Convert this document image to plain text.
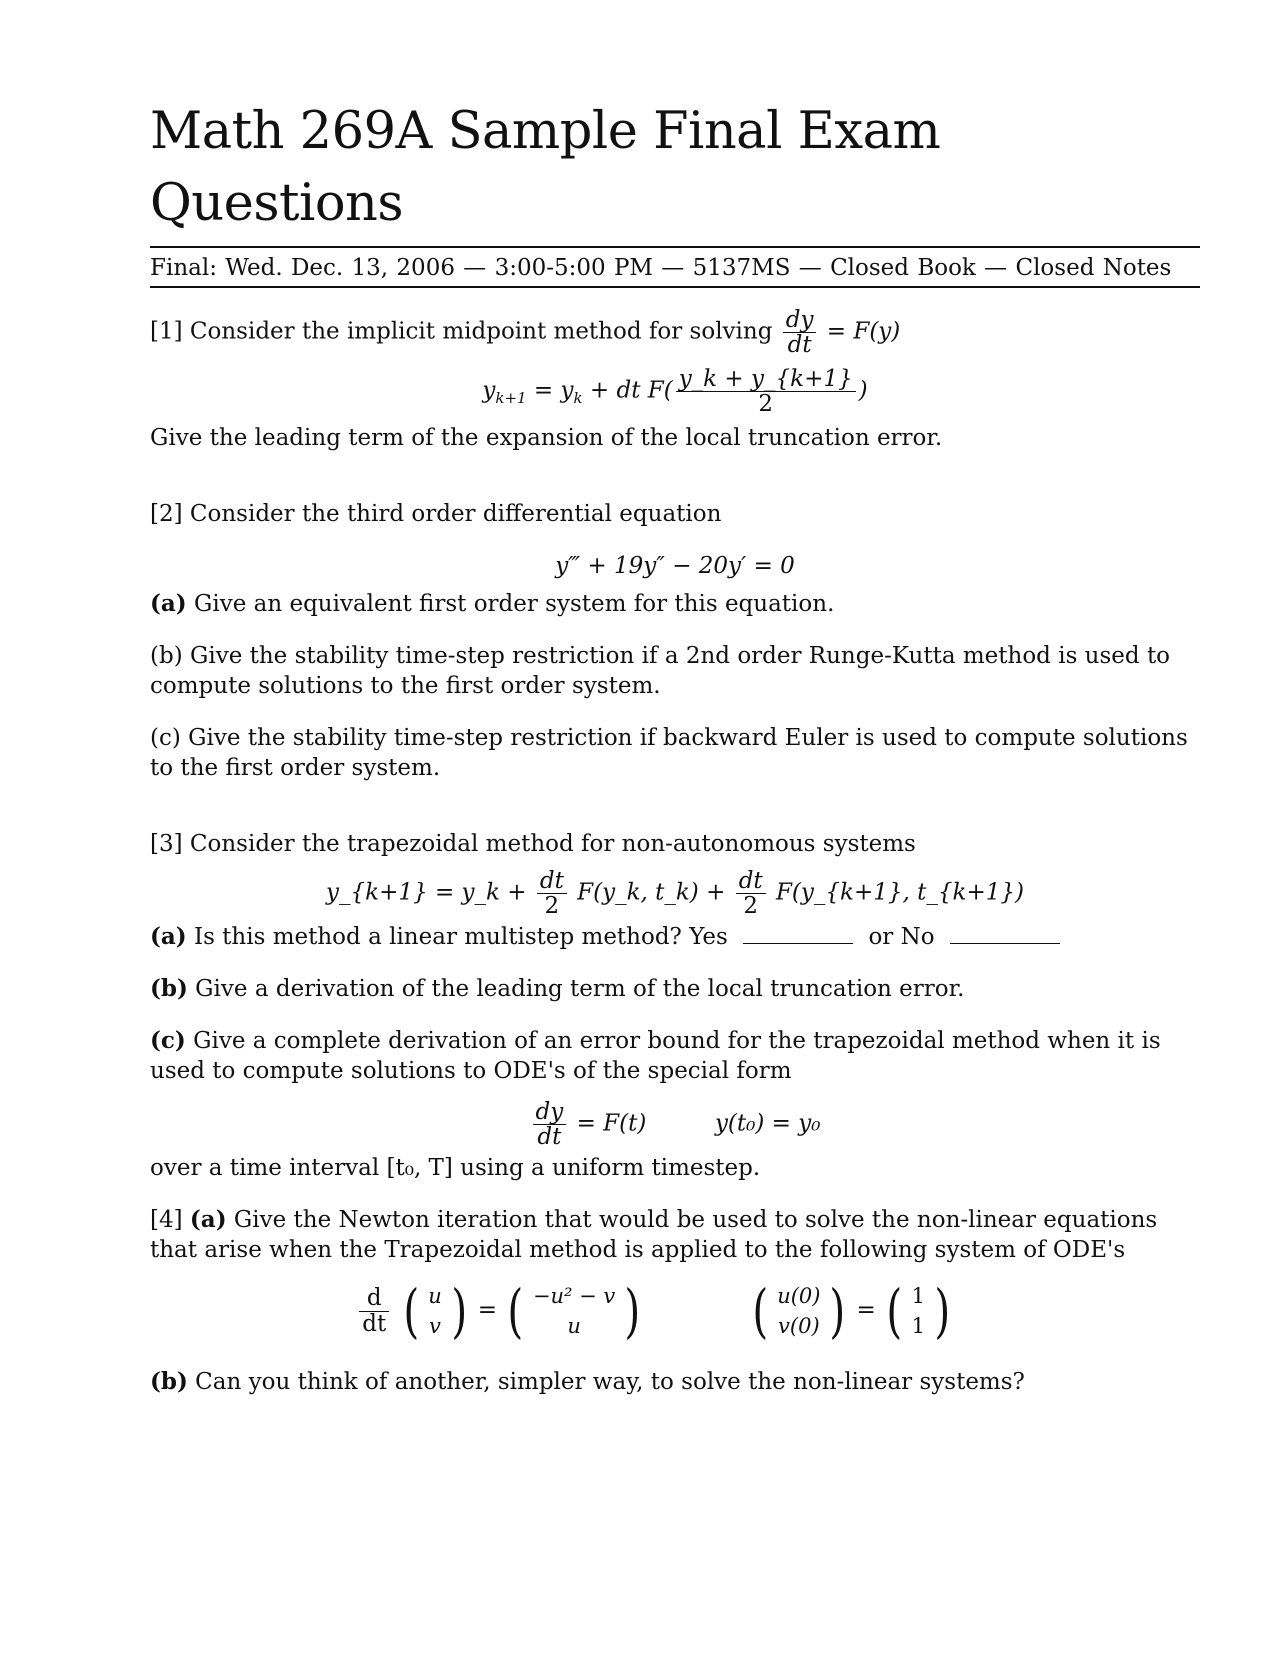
Math 269A Sample Final Exam Questions
Final: Wed. Dec. 13, 2006 — 3:00-5:00 PM — 5137MS — Closed Book — Closed Notes

[1] Consider the implicit midpoint method for solving $\frac{dy}{dt} = F(y)$

$y_{k+1} = y_k$ + dt $F( \frac{y\_k + y\_\{k+1\}}{2}$ )

Give the leading term of the expansion of the local truncation error.

[2] Consider the third order differential equation

y‴ + 19y″ − 20y′ = 0

(a) Give an equivalent first order system for this equation.

(b) Give the stability time-step restriction if a 2nd order Runge-Kutta method is used to compute solutions to the first order system.

(c) Give the stability time-step restriction if backward Euler is used to compute solutions to the first order system.

[3] Consider the trapezoidal method for non-autonomous systems

y_{k+1} = y_k + $\frac{dt}{2}$ F(y_k, t_k) + $\frac{dt}{2}$ F(y_{k+1}, t_{k+1})

(a) Is this method a linear multistep method? Yes	or No

(b) Give a derivation of the leading term of the local truncation error.

(c) Give a complete derivation of an error bound for the trapezoidal method when it is used to compute solutions to ODE's of the special form

$\frac{dy}{dt} = F(t)$	y(t₀) = y₀

over a time interval [t₀, T] using a uniform timestep.

[4] (a) Give the Newton iteration that would be used to solve the non-linear equations that arise when the Trapezoidal method is applied to the following system of ODE's

$\frac{d}{dt}$
( u
v ) = ( −u² − v
u )
( u(0)
v(0) ) = ( 1
1 )

(b) Can you think of another, simpler way, to solve the non-linear systems?
